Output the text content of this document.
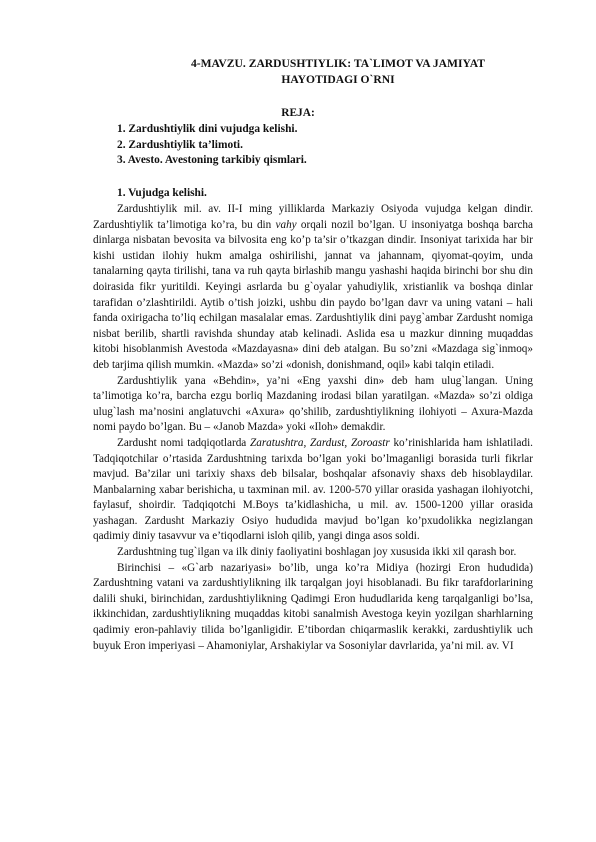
4-MAVZU. ZARDUSHTIYLIK: TA`LIMOT VA JAMIYAT
HAYOTIDAGI O`RNI
REJA:
1. Zardushtiylik dini vujudga kelishi.
2. Zardushtiylik ta’limoti.
3. Avesto. Avestoning tarkibiy qismlari.
1. Vujudga kelishi.

Zardushtiylik mil. av. II-I ming yilliklarda Markaziy Osiyoda vujudga kelgan dindir. Zardushtiylik ta’limotiga ko’ra, bu din vahy orqali nozil bo’lgan. U insoniyatga boshqa barcha dinlarga nisbatan bevosita va bilvosita eng ko’p ta’sir o’tkazgan dindir. Insoniyat tarixida har bir kishi ustidan ilohiy hukm amalga oshirilishi, jannat va jahannam, qiyomat-qoyim, unda tanalarning qayta tirilishi, tana va ruh qayta birlashib mangu yashashi haqida birinchi bor shu din doirasida fikr yuritildi. Keyingi asrlarda bu g`oyalar yahudiylik, xristianlik va boshqa dinlar tarafidan o’zlashtirildi. Aytib o’tish joizki, ushbu din paydo bo’lgan davr va uning vatani – hali fanda oxirigacha to’liq echilgan masalalar emas. Zardushtiylik dini payg`ambar Zardusht nomiga nisbat berilib, shartli ravishda shunday atab kelinadi. Aslida esa u mazkur dinning muqaddas kitobi hisoblanmish Avestoda «Mazdayasna» dini deb atalgan. Bu so’zni «Mazdaga sig`inmoq» deb tarjima qilish mumkin. «Mazda» so’zi «donish, donishmand, oqil» kabi talqin etiladi.

Zardushtiylik yana «Behdin», ya’ni «Eng yaxshi din» deb ham ulug`langan. Uning ta’limotiga ko’ra, barcha ezgu borliq Mazdaning irodasi bilan yaratilgan. «Mazda» so’zi oldiga ulug`lash ma’nosini anglatuvchi «Axura» qo’shilib, zardushtiylikning ilohiyoti – Axura-Mazda nomi paydo bo’lgan. Bu – «Janob Mazda» yoki «Iloh» demakdir.

Zardusht nomi tadqiqotlarda Zaratushtra, Zardust, Zoroastr ko’rinishlarida ham ishlatiladi. Tadqiqotchilar o’rtasida Zardushtning tarixda bo’lgan yoki bo’lmaganligi borasida turli fikrlar mavjud. Ba’zilar uni tarixiy shaxs deb bilsalar, boshqalar afsonaviy shaxs deb hisoblaydilar. Manbalarning xabar berishicha, u taxminan mil. av. 1200-570 yillar orasida yashagan ilohiyotchi, faylasuf, shoirdir. Tadqiqotchi M.Boys ta’kidlashicha, u mil. av. 1500-1200 yillar orasida yashagan. Zardusht Markaziy Osiyo hududida mavjud bo’lgan ko’pxudolikka negizlangan qadimiy diniy tasavvur va e’tiqodlarni isloh qilib, yangi dinga asos soldi.

Zardushtning tug`ilgan va ilk diniy faoliyatini boshlagan joy xususida ikki xil qarash bor.

Birinchisi – «G`arb nazariyasi» bo’lib, unga ko’ra Midiya (hozirgi Eron hududida) Zardushtning vatani va zardushtiylikning ilk tarqalgan joyi hisoblanadi. Bu fikr tarafdorlarining dalili shuki, birinchidan, zardushtiylikning Qadimgi Eron hududlarida keng tarqalganligi bo’lsa, ikkinchidan, zardushtiylikning muqaddas kitobi sanalmish Avestoga keyin yozilgan sharhlarning qadimiy eron-pahlaviy tilida bo’lganligidir. E’tibordan chiqarmaslik kerakki, zardushtiylik uch buyuk Eron imperiyasi – Ahamoniylar, Arshakiylar va Sosoniylar davrlarida, ya’ni mil. av. VI
